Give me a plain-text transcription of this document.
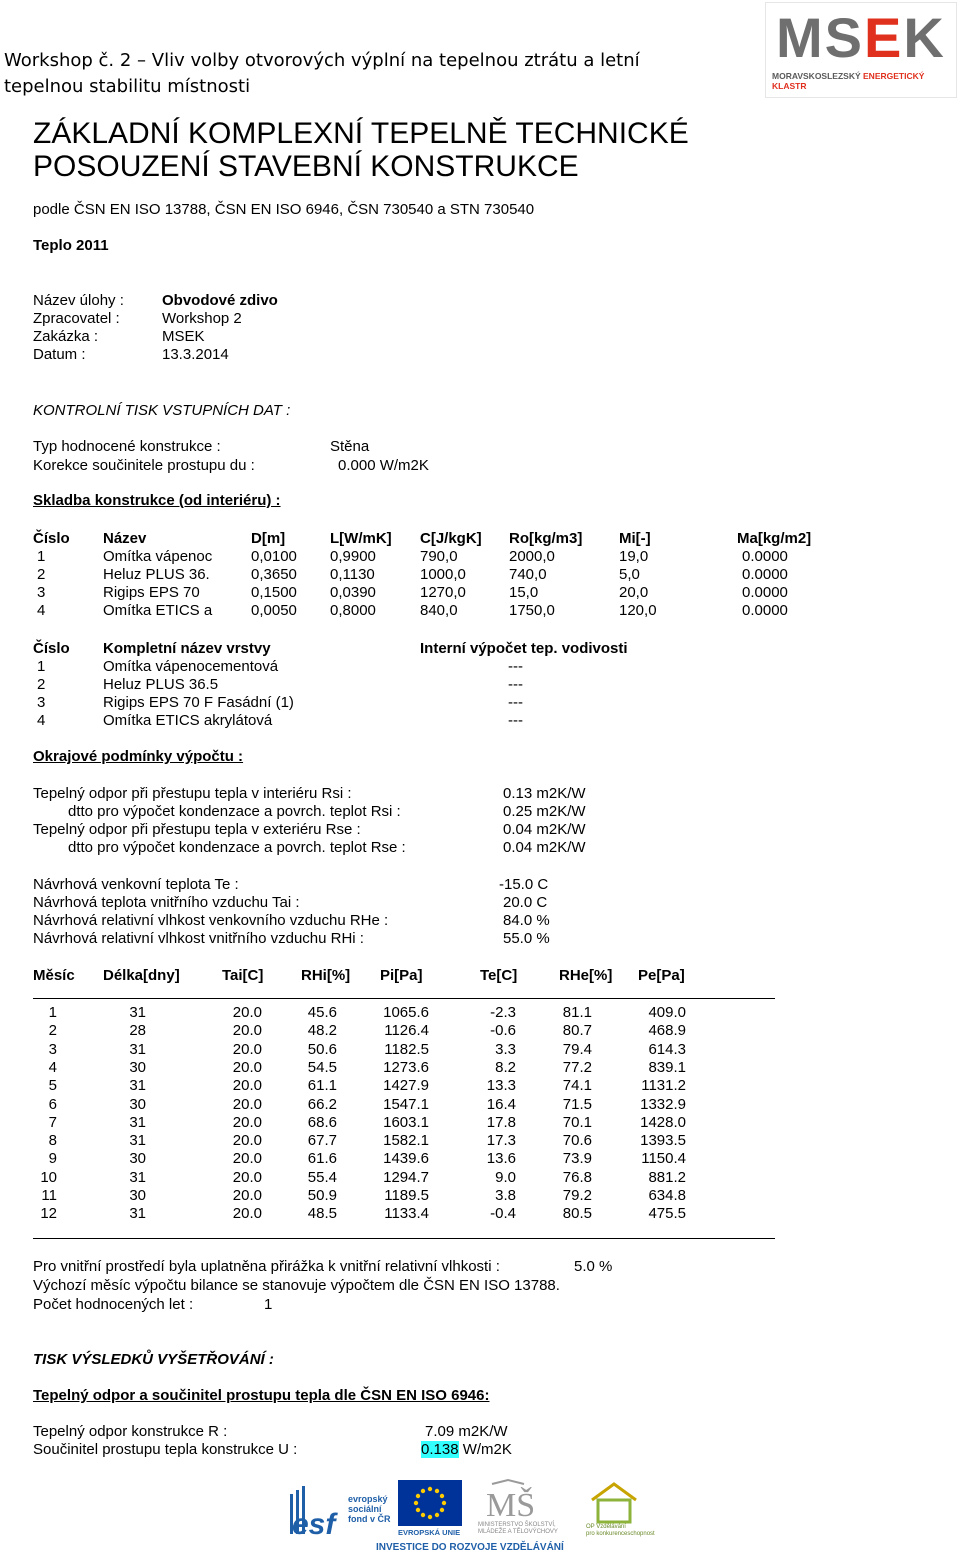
Workshop č. 2 – Vliv volby otvorových výplní na tepelnou ztrátu a letní tepelnou stabilitu místnosti
MSEK
MORAVSKOSLEZSKÝ ENERGETICKÝ KLASTR
ZÁKLADNÍ KOMPLEXNÍ TEPELNĚ TECHNICKÉ POSOUZENÍ STAVEBNÍ KONSTRUKCE
podle ČSN EN ISO 13788, ČSN EN ISO 6946, ČSN 730540 a STN 730540
Teplo 2011
Název úlohy :	Obvodové zdivo
Zpracovatel :	Workshop 2
Zakázka :	MSEK
Datum :	13.3.2014
KONTROLNÍ TISK VSTUPNÍCH DAT :
Typ hodnocené konstrukce :	Stěna
Korekce součinitele prostupu du :	0.000 W/m2K
Skladba konstrukce (od interiéru) :
Číslo Název	D[m]	L[W/mK] C[J/kgK] Ro[kg/m3] Mi[-]	Ma[kg/m2]
1	Omítka vápenoc	0,0100 0,9900	790,0	2000,0	19,0	0.0000
2	Heluz PLUS 36.	0,3650 0,1130	1000,0	740,0	5,0	0.0000
3	Rigips EPS 70	0,1500 0,0390	1270,0	15,0	20,0	0.0000
4	Omítka ETICS a	0,0050 0,8000	840,0	1750,0	120,0	0.0000
Číslo Kompletní název vrstvy	Interní výpočet tep. vodivosti
1	Omítka vápenocementová	---
2	Heluz PLUS 36.5	---
3	Rigips EPS 70 F Fasádní (1)	---
4	Omítka ETICS akrylátová	---
Okrajové podmínky výpočtu :
Tepelný odpor při přestupu tepla v interiéru Rsi :	0.13 m2K/W
dtto pro výpočet kondenzace a povrch. teplot Rsi :	0.25 m2K/W
Tepelný odpor při přestupu tepla v exteriéru Rse :	0.04 m2K/W
dtto pro výpočet kondenzace a povrch. teplot Rse :	0.04 m2K/W
Návrhová venkovní teplota Te :	-15.0 C
Návrhová teplota vnitřního vzduchu Tai :	20.0 C
Návrhová relativní vlhkost venkovního vzduchu RHe :	84.0 %
Návrhová relativní vlhkost vnitřního vzduchu RHi :	55.0 %
Měsíc Délka[dny]	Tai[C]	RHi[%] Pi[Pa]	Te[C]	RHe[%] Pe[Pa]
1	31	20.0	45.6	1065.6	-2.3	81.1	409.0
2	28	20.0	48.2	1126.4	-0.6	80.7	468.9
3	31	20.0	50.6	1182.5	3.3	79.4	614.3
4	30	20.0	54.5	1273.6	8.2	77.2	839.1
5	31	20.0	61.1	1427.9	13.3	74.1	1131.2
6	30	20.0	66.2	1547.1	16.4	71.5	1332.9
7	31	20.0	68.6	1603.1	17.8	70.1	1428.0
8	31	20.0	67.7	1582.1	17.3	70.6	1393.5
9	30	20.0	61.6	1439.6	13.6	73.9	1150.4
10	31	20.0	55.4	1294.7	9.0	76.8	881.2
11	30	20.0	50.9	1189.5	3.8	79.2	634.8
12	31	20.0	48.5	1133.4	-0.4	80.5	475.5
Pro vnitřní prostředí byla uplatněna přirážka k vnitřní relativní vlhkosti :	5.0 %
Výchozí měsíc výpočtu bilance se stanovuje výpočtem dle ČSN EN ISO 13788.
Počet hodnocených let :	1
TISK VÝSLEDKŮ VYŠETŘOVÁNÍ :
Tepelný odpor a součinitel prostupu tepla dle ČSN EN ISO 6946:
Tepelný odpor konstrukce R :	7.09 m2K/W
Součinitel prostupu tepla konstrukce U :	0.138 W/m2K
esf
evropský
sociální
fond v ČR
EVROPSKÁ UNIE
MŠ
MINISTERSTVO ŠKOLSTVÍ,
MLÁDEŽE A TĚLOVÝCHOVY
OP Vzdělávání
pro konkurenceschopnost
INVESTICE DO ROZVOJE VZDĚLÁVÁNÍ
